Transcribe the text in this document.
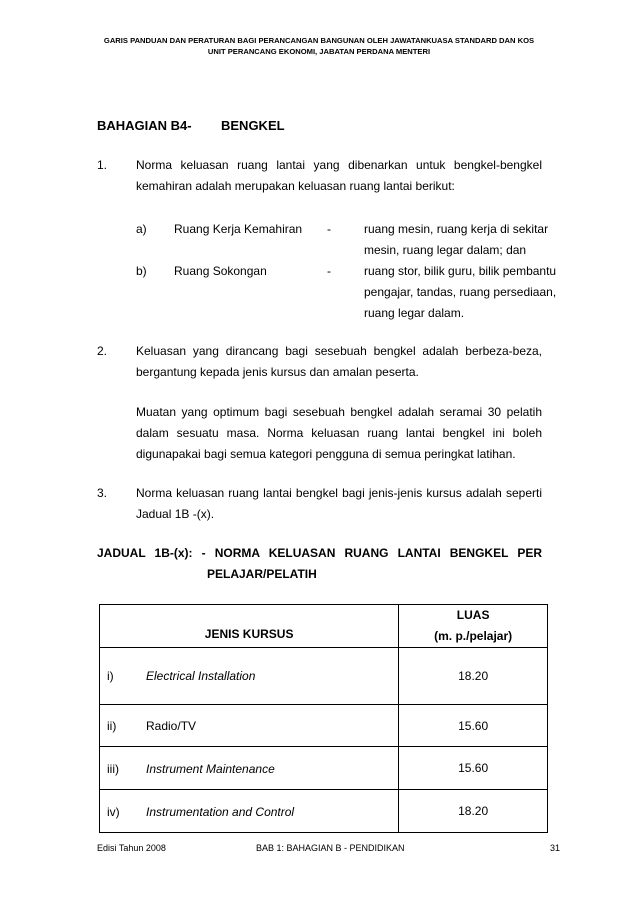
GARIS PANDUAN DAN PERATURAN BAGI PERANCANGAN BANGUNAN OLEH JAWATANKUASA STANDARD DAN KOS
UNIT PERANCANG EKONOMI, JABATAN PERDANA MENTERI
BAHAGIAN B4- BENGKEL
1. Norma keluasan ruang lantai yang dibenarkan untuk bengkel-bengkel
kemahiran adalah merupakan keluasan ruang lantai berikut:
a) Ruang Kerja Kemahiran -	ruang mesin, ruang kerja di sekitar
mesin, ruang legar dalam; dan
b) Ruang Sokongan	-	ruang stor, bilik guru, bilik pembantu
pengajar, tandas, ruang persediaan,
ruang legar dalam.
2. Keluasan yang dirancang bagi sesebuah bengkel adalah berbeza-beza,
bergantung kepada jenis kursus dan amalan peserta.
Muatan yang optimum bagi sesebuah bengkel adalah seramai 30 pelatih
dalam sesuatu masa. Norma keluasan ruang lantai bengkel ini boleh
digunapakai bagi semua kategori pengguna di semua peringkat latihan.
3. Norma keluasan ruang lantai bengkel bagi jenis-jenis kursus adalah seperti
Jadual 1B -(x).
JADUAL 1B-(x): - NORMA KELUASAN RUANG LANTAI BENGKEL PER
PELAJAR/PELATIH
JENIS KURSUS	LUAS
(m. p./pelajar)

i) Electrical Installation	18.20

ii) Radio/TV	15.60

iii) Instrument Maintenance	15.60

iv) Instrumentation and Control	18.20
Edisi Tahun 2008	BAB 1: BAHAGIAN B - PENDIDIKAN	31
